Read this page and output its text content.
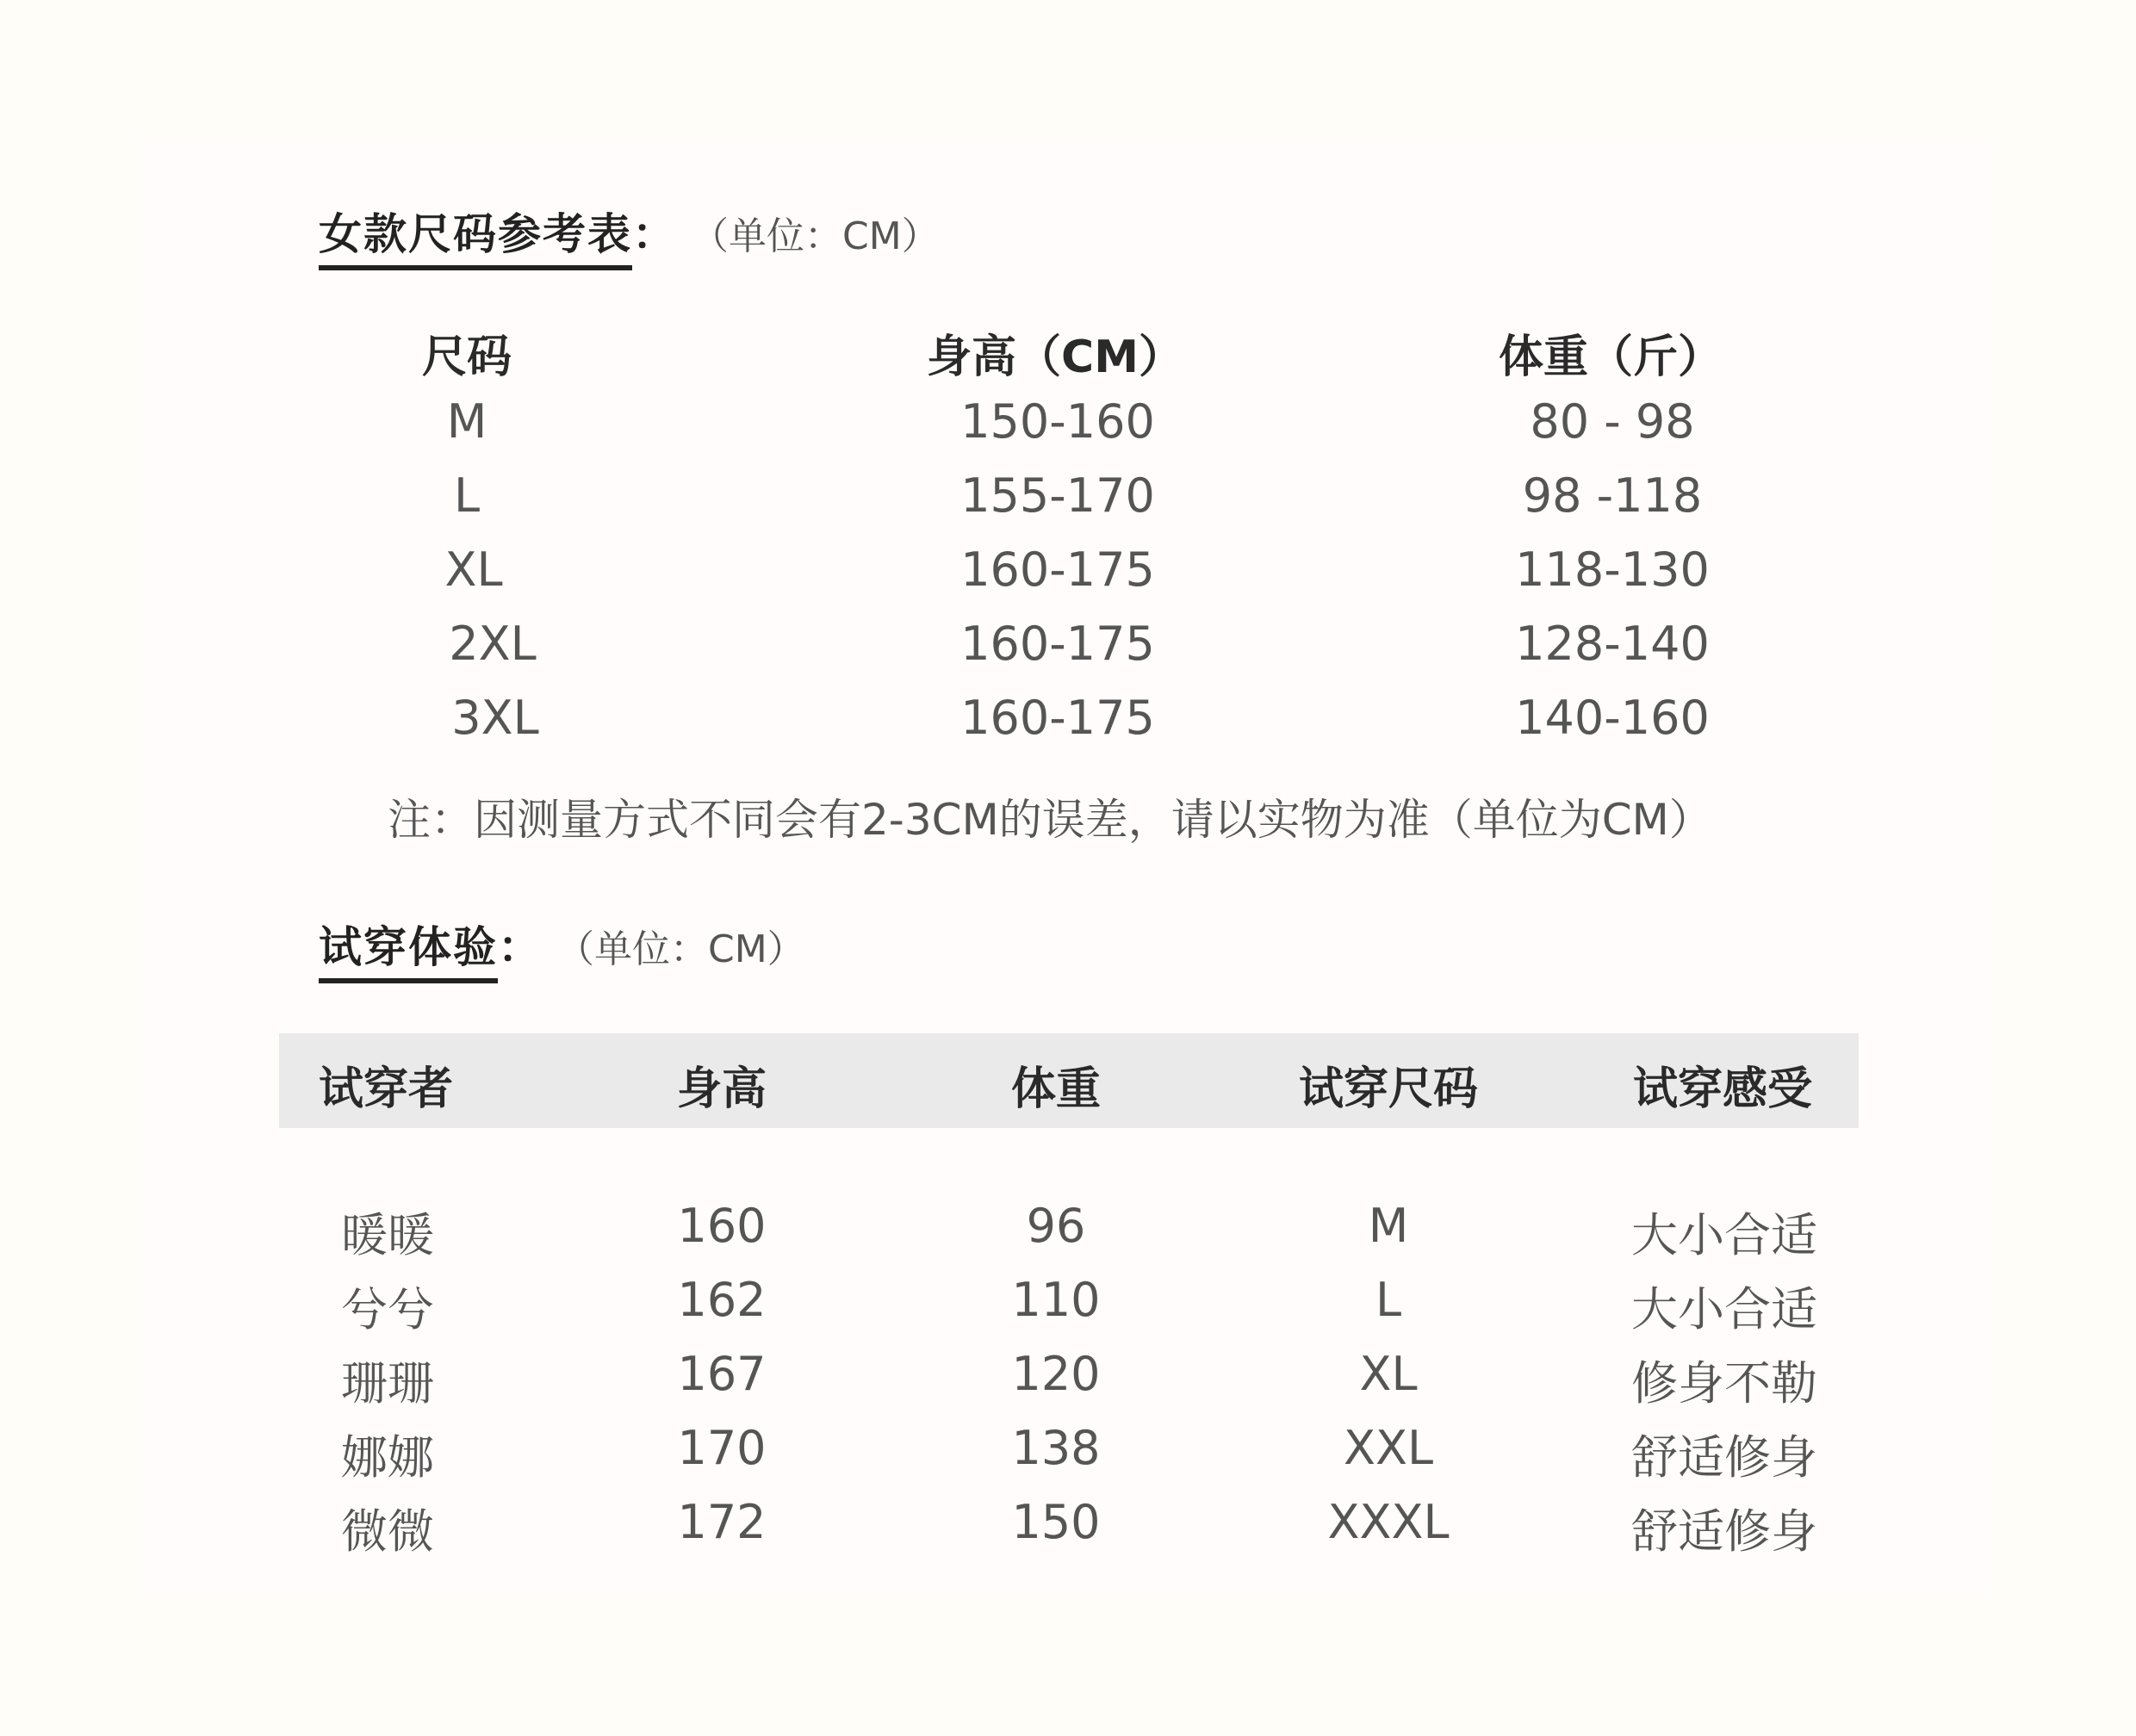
女款尺码参考表 ： （单位：CM）
尺码	身高（CM）	体重（斤）
M	150-160	80 - 98
L	155-170	98 -118
XL	160-175	118-130
2XL	160-175	128-140
3XL	160-175	140-160
注：因测量方式不同会有2-3CM的误差，请以实物为准（单位为CM）
试穿体验 ： （单位：CM）
试穿者	身高	体重	试穿尺码	试穿感受
暖暖	160	96	M	大小合适
兮兮	162	110	L	大小合适
珊珊	167	120	XL	修身不勒
娜娜	170	138	XXL	舒适修身
微微	172	150	XXXL	舒适修身
